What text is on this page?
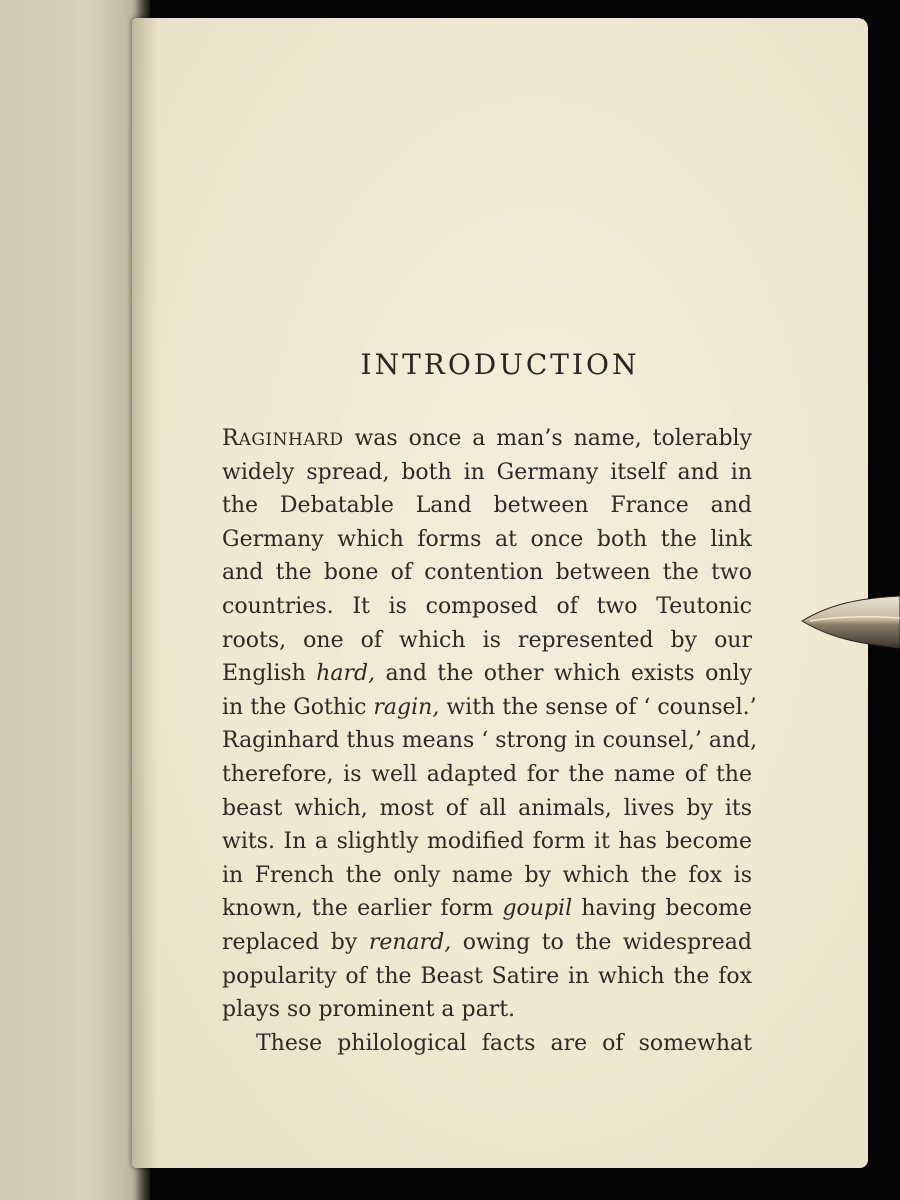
INTRODUCTION
RAGINHARD was once a man’s name, tolerably
widely spread, both in Germany itself and in
the Debatable Land between France and
Germany which forms at once both the link
and the bone of contention between the two
countries. It is composed of two Teutonic
roots, one of which is represented by our
English hard, and the other which exists only
in the Gothic ragin, with the sense of ‘ counsel.’
Raginhard thus means ‘ strong in counsel,’ and,
therefore, is well adapted for the name of the
beast which, most of all animals, lives by its
wits. In a slightly modified form it has become
in French the only name by which the fox is
known, the earlier form goupil having become
replaced by renard, owing to the widespread
popularity of the Beast Satire in which the fox
plays so prominent a part.
These philological facts are of somewhat
